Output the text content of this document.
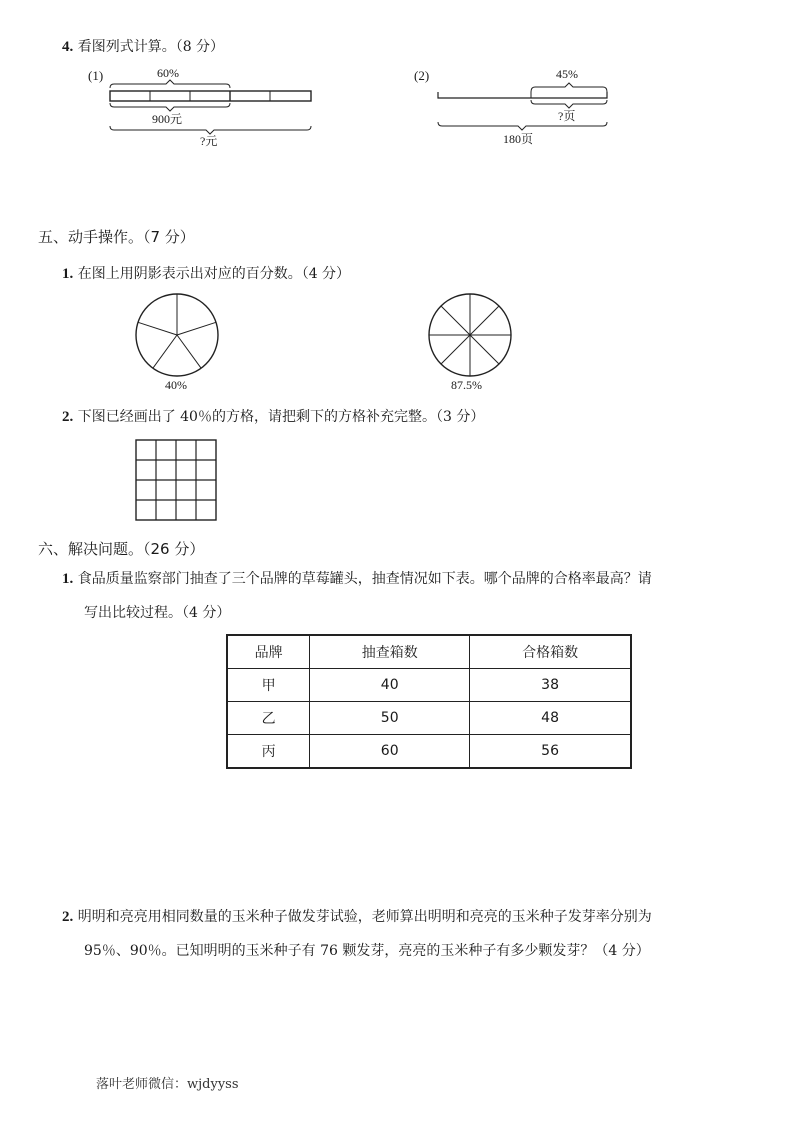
4. 看图列式计算。（8 分）
(1)	60%
900元
?元
(2)	45%
?页
180页
五、动手操作。（7 分）
1. 在图上用阴影表示出对应的百分数。（4 分）
40%	87.5%
2. 下图已经画出了 40％的方格，请把剩下的方格补充完整。（3 分）
六、解决问题。（26 分）
1. 食品质量监察部门抽查了三个品牌的草莓罐头，抽查情况如下表。哪个品牌的合格率最高？请
写出比较过程。（4 分）
品牌	抽查箱数	合格箱数
甲	40	38
乙	50	48
丙	60	56
2. 明明和亮亮用相同数量的玉米种子做发芽试验，老师算出明明和亮亮的玉米种子发芽率分别为
95％、90％。已知明明的玉米种子有 76 颗发芽，亮亮的玉米种子有多少颗发芽？（4 分）
落叶老师微信：wjdyyss
